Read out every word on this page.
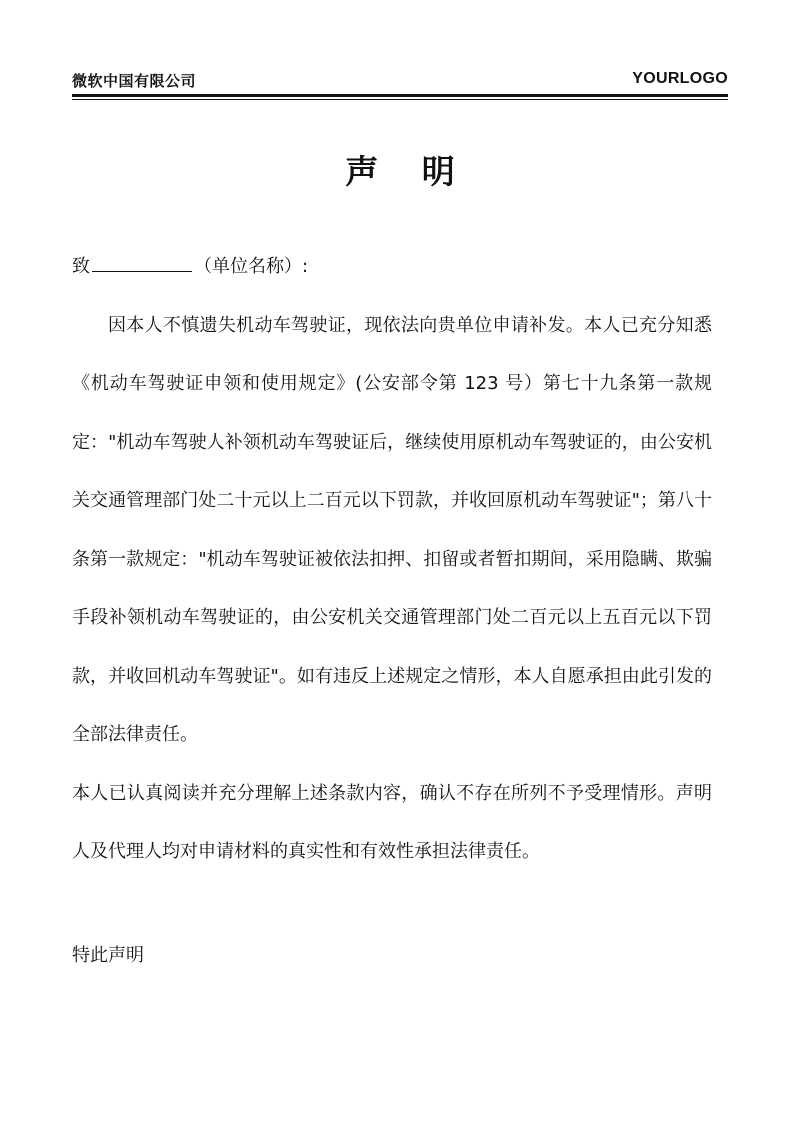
微软中国有限公司	YOURLOGO
声 明

致	（单位名称）:

因本人不慎遗失机动车驾驶证，现依法向贵单位申请补发。本人已充分知悉《机动车驾驶证申领和使用规定》(公安部令第 123 号）第七十九条第一款规定："机动车驾驶人补领机动车驾驶证后，继续使用原机动车驾驶证的，由公安机关交通管理部门处二十元以上二百元以下罚款，并收回原机动车驾驶证"；第八十条第一款规定："机动车驾驶证被依法扣押、扣留或者暂扣期间，采用隐瞒、欺骗手段补领机动车驾驶证的，由公安机关交通管理部门处二百元以上五百元以下罚款，并收回机动车驾驶证"。如有违反上述规定之情形，本人自愿承担由此引发的全部法律责任。

本人已认真阅读并充分理解上述条款内容，确认不存在所列不予受理情形。声明人及代理人均对申请材料的真实性和有效性承担法律责任。

特此声明
